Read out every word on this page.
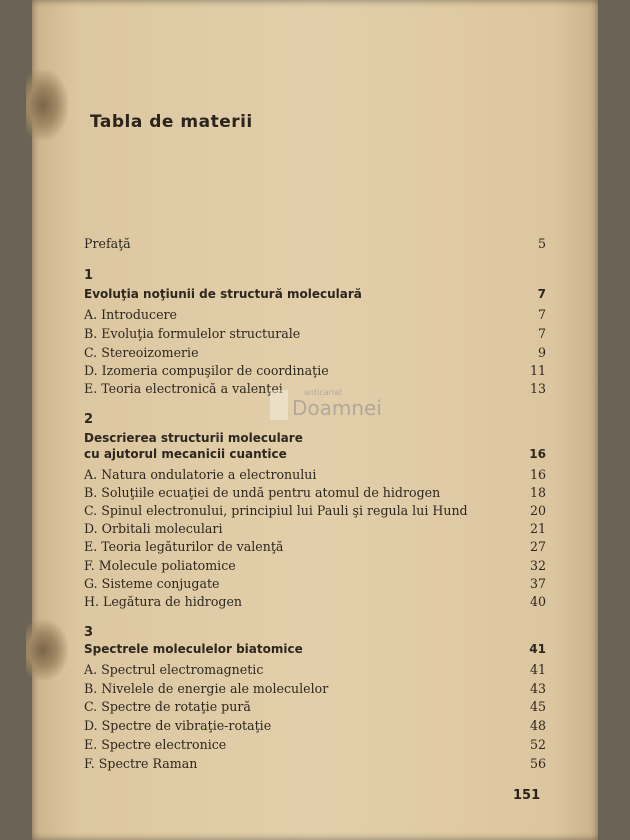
Tabla de materii
Prefaţă	5
1
Evoluţia noţiunii de structură moleculară	7
A. Introducere	7
B. Evoluţia formulelor structurale	7
C. Stereoizomerie	9
D. Izomeria compuşilor de coordinaţie	11
E. Teoria electronică a valenţei	13
2
Descrierea structurii moleculare
cu ajutorul mecanicii cuantice	16
A. Natura ondulatorie a electronului	16
B. Soluţiile ecuaţiei de undă pentru atomul de hidrogen	18
C. Spinul electronului, principiul lui Pauli şi regula lui Hund	20
D. Orbitali moleculari	21
E. Teoria legăturilor de valenţă	27
F. Molecule poliatomice	32
G. Sisteme conjugate	37
H. Legătura de hidrogen	40
3
Spectrele moleculelor biatomice	41
A. Spectrul electromagnetic	41
B. Nivelele de energie ale moleculelor	43
C. Spectre de rotaţie pură	45
D. Spectre de vibraţie-rotaţie	48
E. Spectre electronice	52
F. Spectre Raman	56
anticariat
Doamnei
151
